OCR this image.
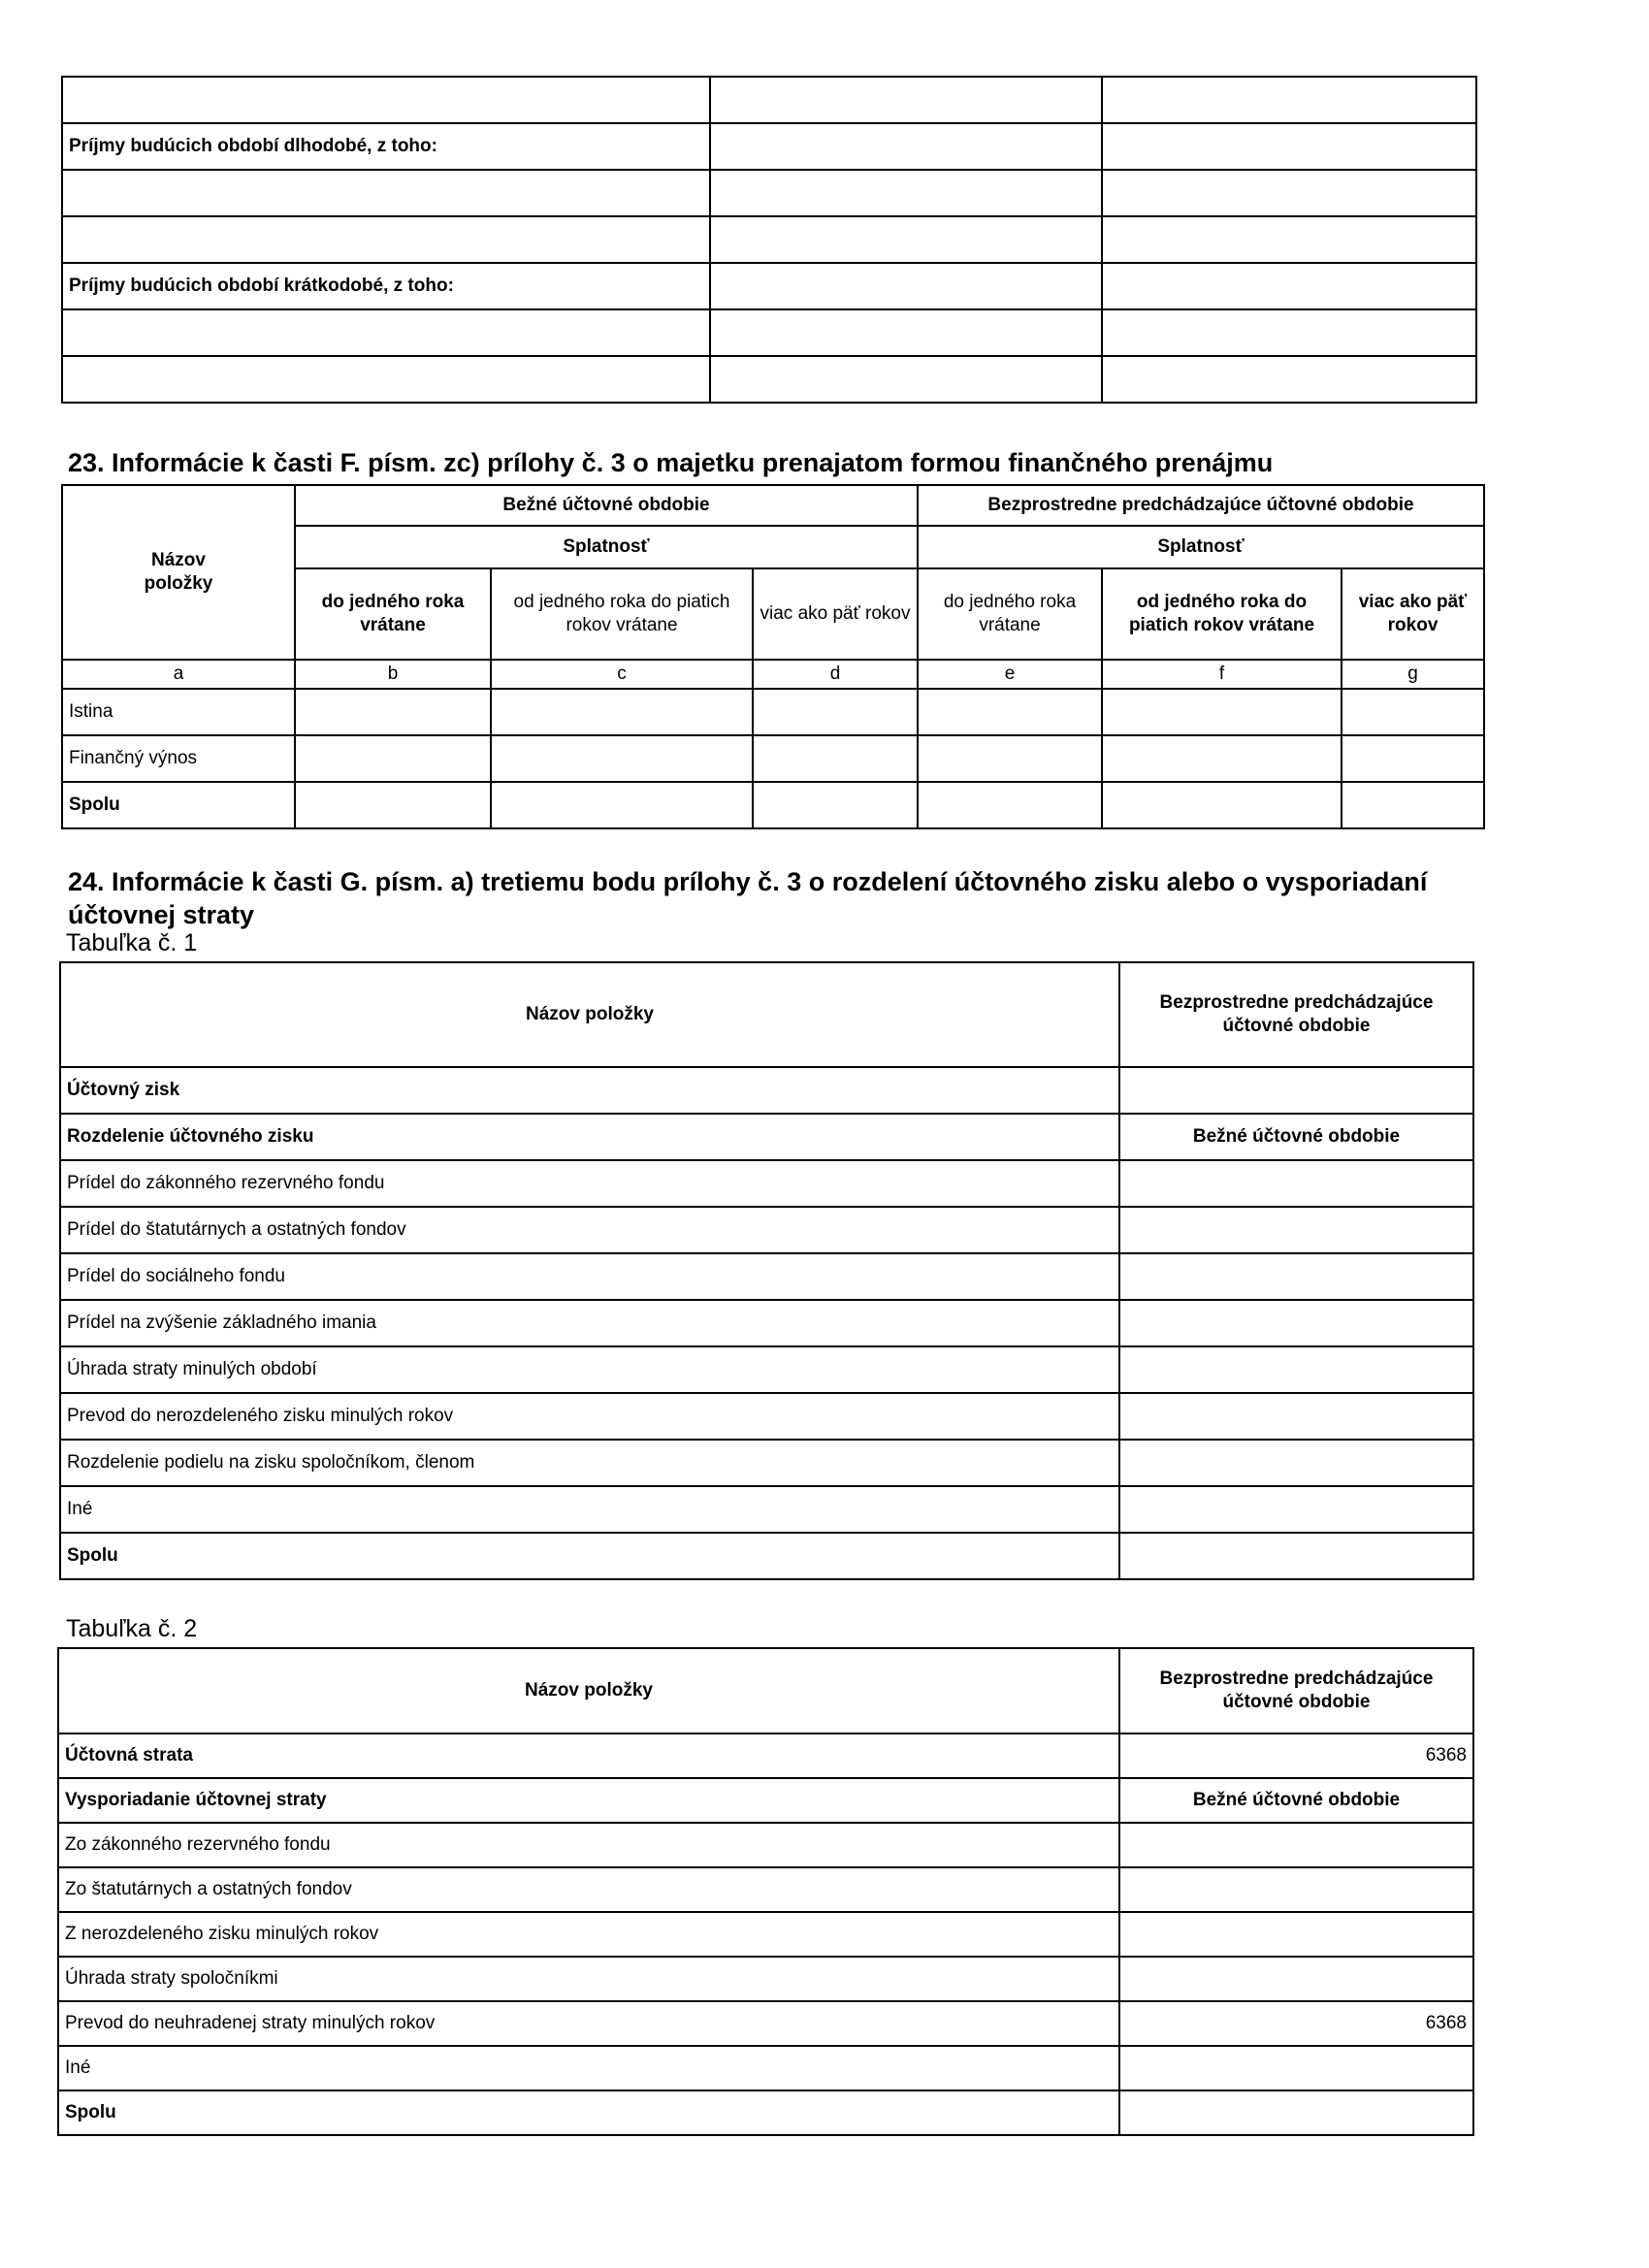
Príjmy budúcich období dlhodobé, z toho:		

Príjmy budúcich období krátkodobé, z toho:		

23. Informácie k časti F. písm. zc) prílohy č. 3 o majetku prenajatom formou finančného prenájmu
Názov položky	Bežné účtovné obdobie			Bezprostredne predchádzajúce účtovné obdobie		
	Splatnosť			Splatnosť		
	do jedného roka vrátane	od jedného roka do piatich rokov vrátane	viac ako päť rokov	do jedného roka vrátane	od jedného roka do piatich rokov vrátane	viac ako päť rokov
a	b	c	d	e	f	g
Istina						
Finančný výnos						
Spolu						
24. Informácie k časti G. písm. a) tretiemu bodu prílohy č. 3 o rozdelení účtovného zisku alebo o vysporiadaní
účtovnej straty
Tabuľka č. 1
Názov položky	Bezprostredne predchádzajúce účtovné obdobie
Účtovný zisk	
Rozdelenie účtovného zisku	Bežné účtovné obdobie
Prídel do zákonného rezervného fondu	
Prídel do štatutárnych a ostatných fondov	
Prídel do sociálneho fondu	
Prídel na zvýšenie základného imania	
Úhrada straty minulých období	
Prevod do nerozdeleného zisku minulých rokov	
Rozdelenie podielu na zisku spoločníkom, členom	
Iné	
Spolu	
Tabuľka č. 2
Názov položky	Bezprostredne predchádzajúce účtovné obdobie
Účtovná strata	6368
Vysporiadanie účtovnej straty	Bežné účtovné obdobie
Zo zákonného rezervného fondu	
Zo štatutárnych a ostatných fondov	
Z nerozdeleného zisku minulých rokov	
Úhrada straty spoločníkmi	
Prevod do neuhradenej straty minulých rokov	6368
Iné	
Spolu	
